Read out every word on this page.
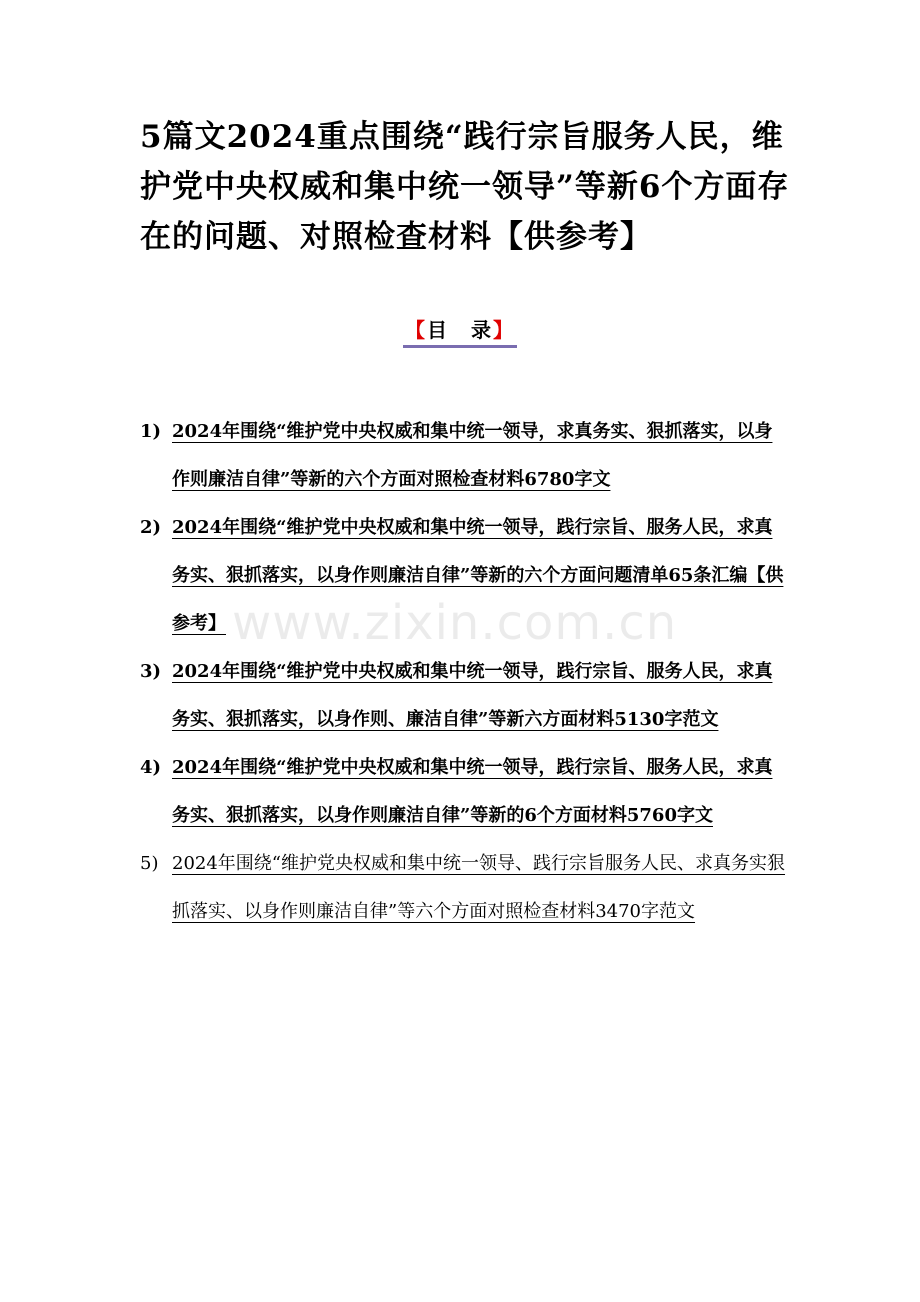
5篇文2024重点围绕“践行宗旨服务人民，维护党中央权威和集中统一领导”等新6个方面存在的问题、对照检查材料【供参考】
【目　录】
1) 2024年围绕“维护党中央权威和集中统一领导，求真务实、狠抓落实，以身作则廉洁自律”等新的六个方面对照检查材料6780字文
2) 2024年围绕“维护党中央权威和集中统一领导，践行宗旨、服务人民，求真务实、狠抓落实，以身作则廉洁自律”等新的六个方面问题清单65条汇编【供参考】
3) 2024年围绕“维护党中央权威和集中统一领导，践行宗旨、服务人民，求真务实、狠抓落实，以身作则、廉洁自律”等新六方面材料5130字范文
4) 2024年围绕“维护党中央权威和集中统一领导，践行宗旨、服务人民，求真务实、狠抓落实，以身作则廉洁自律”等新的6个方面材料5760字文
5) 2024年围绕“维护党央权威和集中统一领导、践行宗旨服务人民、求真务实狠抓落实、以身作则廉洁自律”等六个方面对照检查材料3470字范文
www.zixin.com.cn
